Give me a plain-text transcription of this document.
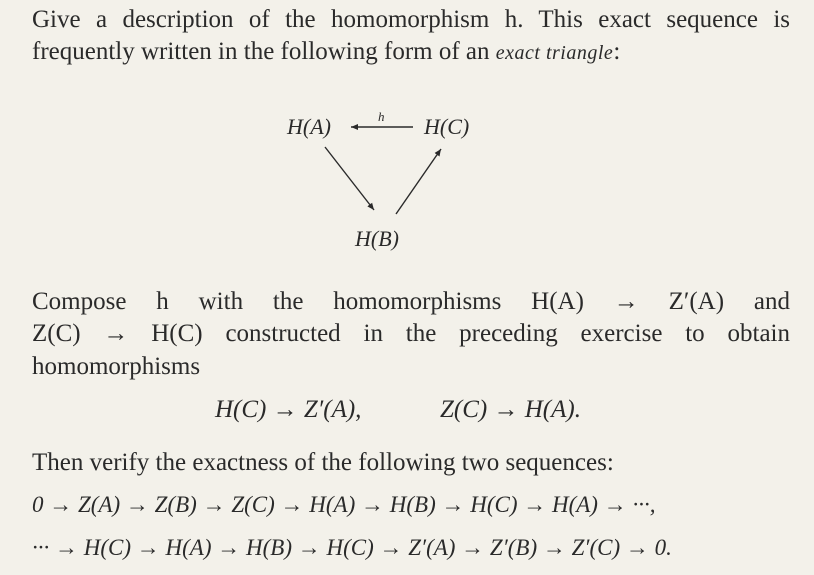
Give a description of the homomorphism h. This exact sequence is
frequently written in the following form of an exact triangle:
H(A)	H(C)
H(B)
h
Compose h with the homomorphisms H(A) → Z′(A) and
Z(C) → H(C) constructed in the preceding exercise to obtain
homomorphisms
H(C) → Z′(A),	Z(C) → H(A).
Then verify the exactness of the following two sequences:
0 → Z(A) → Z(B) → Z(C) → H(A) → H(B) → H(C) → H(A) → ···,
··· → H(C) → H(A) → H(B) → H(C) → Z′(A) → Z′(B) → Z′(C) → 0.
